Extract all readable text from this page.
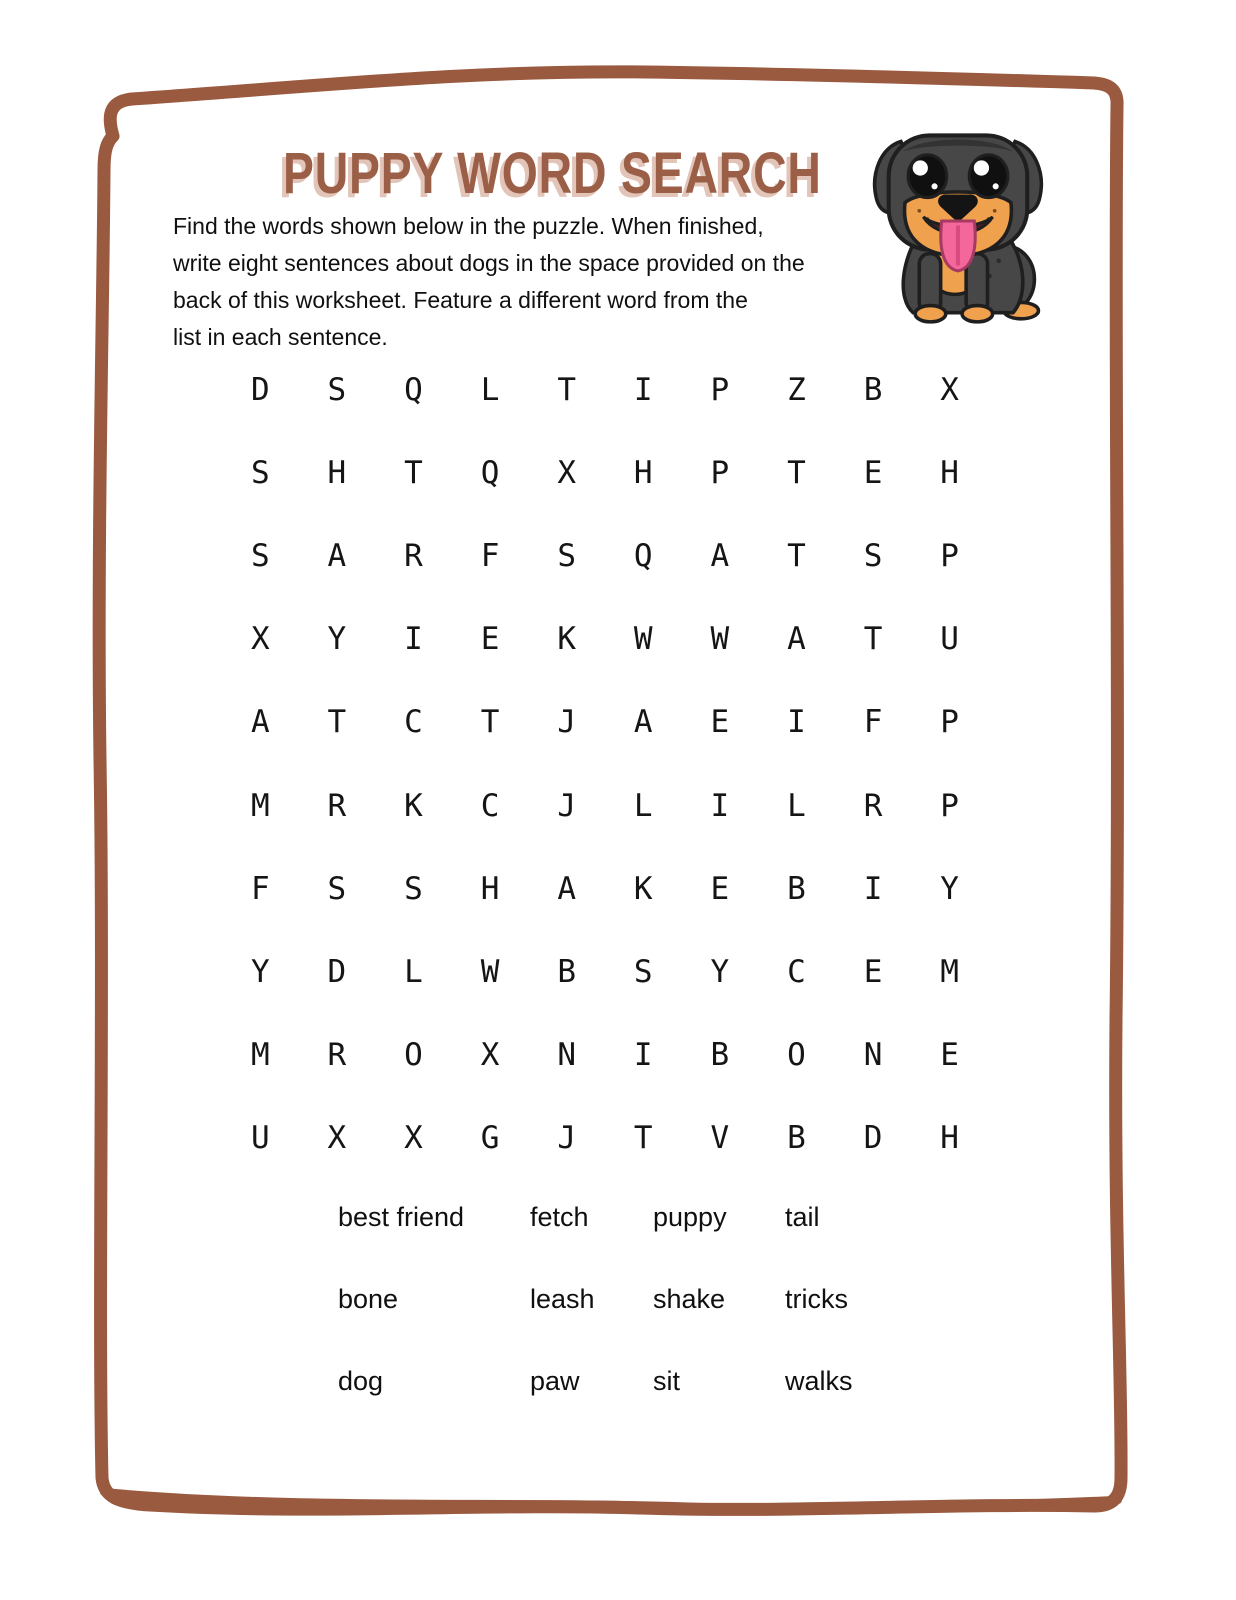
PUPPY WORD SEARCH
Find the words shown below in the puzzle. When finished,
write eight sentences about dogs in the space provided on the
back of this worksheet. Feature a different word from the
list in each sentence.
D S Q L T I P Z B X
S H T Q X H P T E H
S A R F S Q A T S P
X Y I E K W W A T U
A T C T J A E I F P
M R K C J L I L R P
F S S H A K E B I Y
Y D L W B S Y C E M
M R O X N I B O N E
U X X G J T V B D H
best friend	fetch	puppy	tail
bone	leash	shake	tricks
dog	paw	sit	walks
